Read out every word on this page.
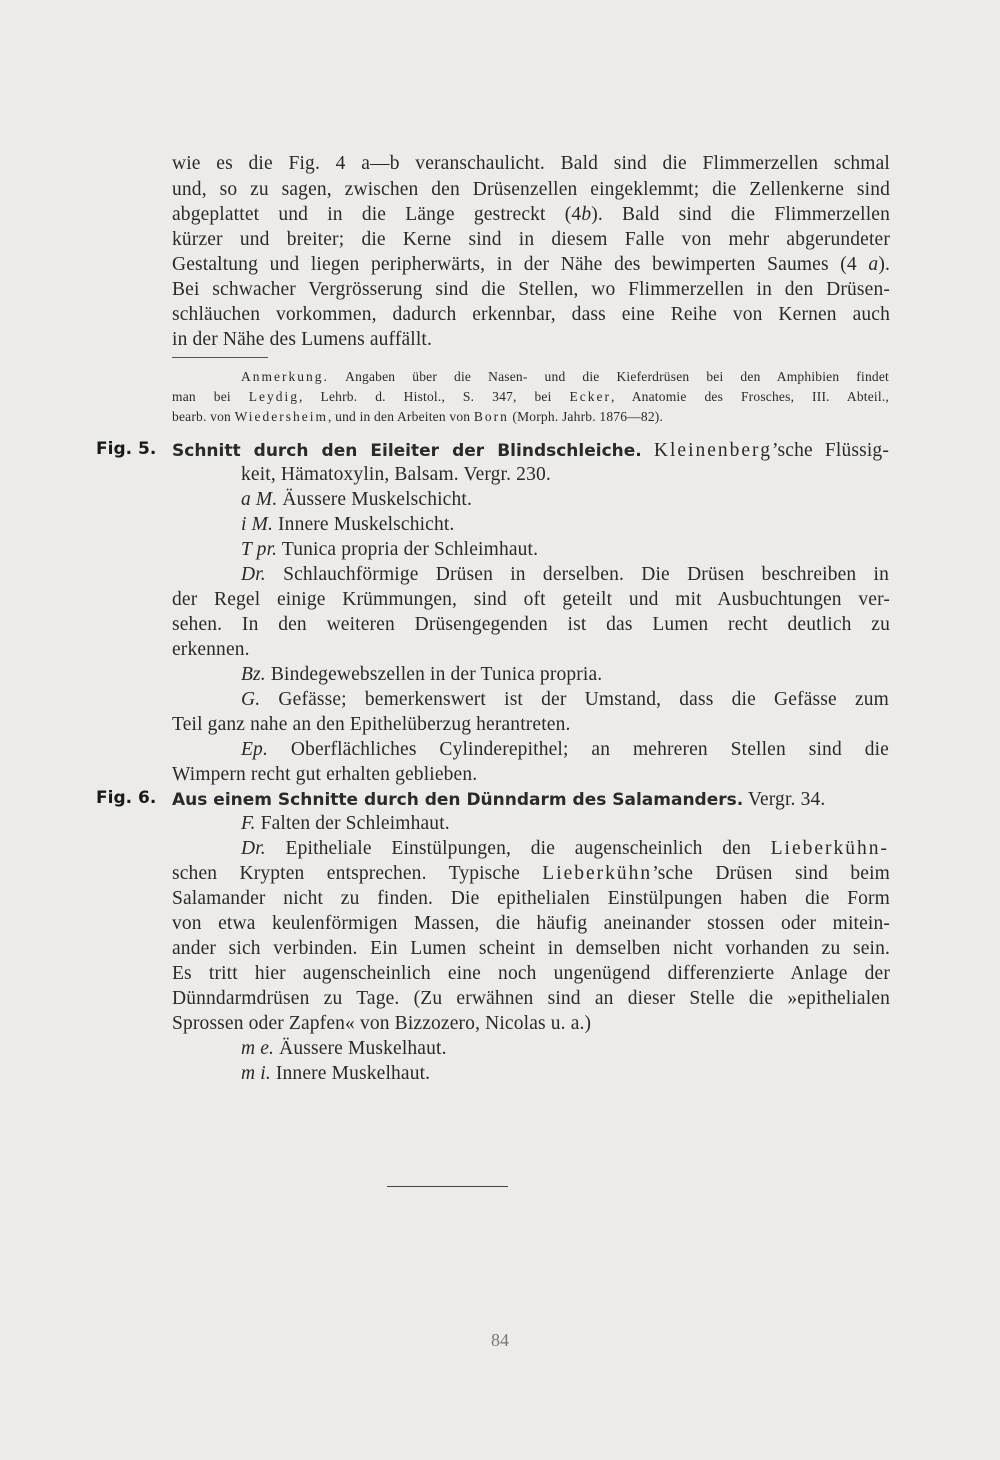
wie es die Fig. 4 a—b veranschaulicht. Bald sind die Flimmerzellen schmal
und, so zu sagen, zwischen den Drüsenzellen eingeklemmt; die Zellenkerne sind
abgeplattet und in die Länge gestreckt (4b). Bald sind die Flimmerzellen
kürzer und breiter; die Kerne sind in diesem Falle von mehr abgerundeter
Gestaltung und liegen peripherwärts, in der Nähe des bewimperten Saumes (4 a).
Bei schwacher Vergrösserung sind die Stellen, wo Flimmerzellen in den Drüsen-
schläuchen vorkommen, dadurch erkennbar, dass eine Reihe von Kernen auch
in der Nähe des Lumens auffällt.
Anmerkung. Angaben über die Nasen- und die Kieferdrüsen bei den Amphibien findet
man bei Leydig, Lehrb. d. Histol., S. 347, bei Ecker, Anatomie des Frosches, III. Abteil.,
bearb. von Wiedersheim, und in den Arbeiten von Born (Morph. Jahrb. 1876—82).
Fig. 5. Schnitt durch den Eileiter der Blindschleiche. Kleinenberg’sche Flüssig-
keit, Hämatoxylin, Balsam. Vergr. 230.
a M. Äussere Muskelschicht.
i M. Innere Muskelschicht.
T pr. Tunica propria der Schleimhaut.
Dr. Schlauchförmige Drüsen in derselben. Die Drüsen beschreiben in
der Regel einige Krümmungen, sind oft geteilt und mit Ausbuchtungen ver-
sehen. In den weiteren Drüsengegenden ist das Lumen recht deutlich zu
erkennen.
Bz. Bindegewebszellen in der Tunica propria.
G. Gefässe; bemerkenswert ist der Umstand, dass die Gefässe zum
Teil ganz nahe an den Epithelüberzug herantreten.
Ep. Oberflächliches Cylinderepithel; an mehreren Stellen sind die
Wimpern recht gut erhalten geblieben.
Fig. 6. Aus einem Schnitte durch den Dünndarm des Salamanders. Vergr. 34.
F. Falten der Schleimhaut.
Dr. Epitheliale Einstülpungen, die augenscheinlich den Lieberkühn-
schen Krypten entsprechen. Typische Lieberkühn’sche Drüsen sind beim
Salamander nicht zu finden. Die epithelialen Einstülpungen haben die Form
von etwa keulenförmigen Massen, die häufig aneinander stossen oder mitein-
ander sich verbinden. Ein Lumen scheint in demselben nicht vorhanden zu sein.
Es tritt hier augenscheinlich eine noch ungenügend differenzierte Anlage der
Dünndarmdrüsen zu Tage. (Zu erwähnen sind an dieser Stelle die »epithelialen
Sprossen oder Zapfen« von Bizzozero, Nicolas u. a.)
m e. Äussere Muskelhaut.
m i. Innere Muskelhaut.
84
